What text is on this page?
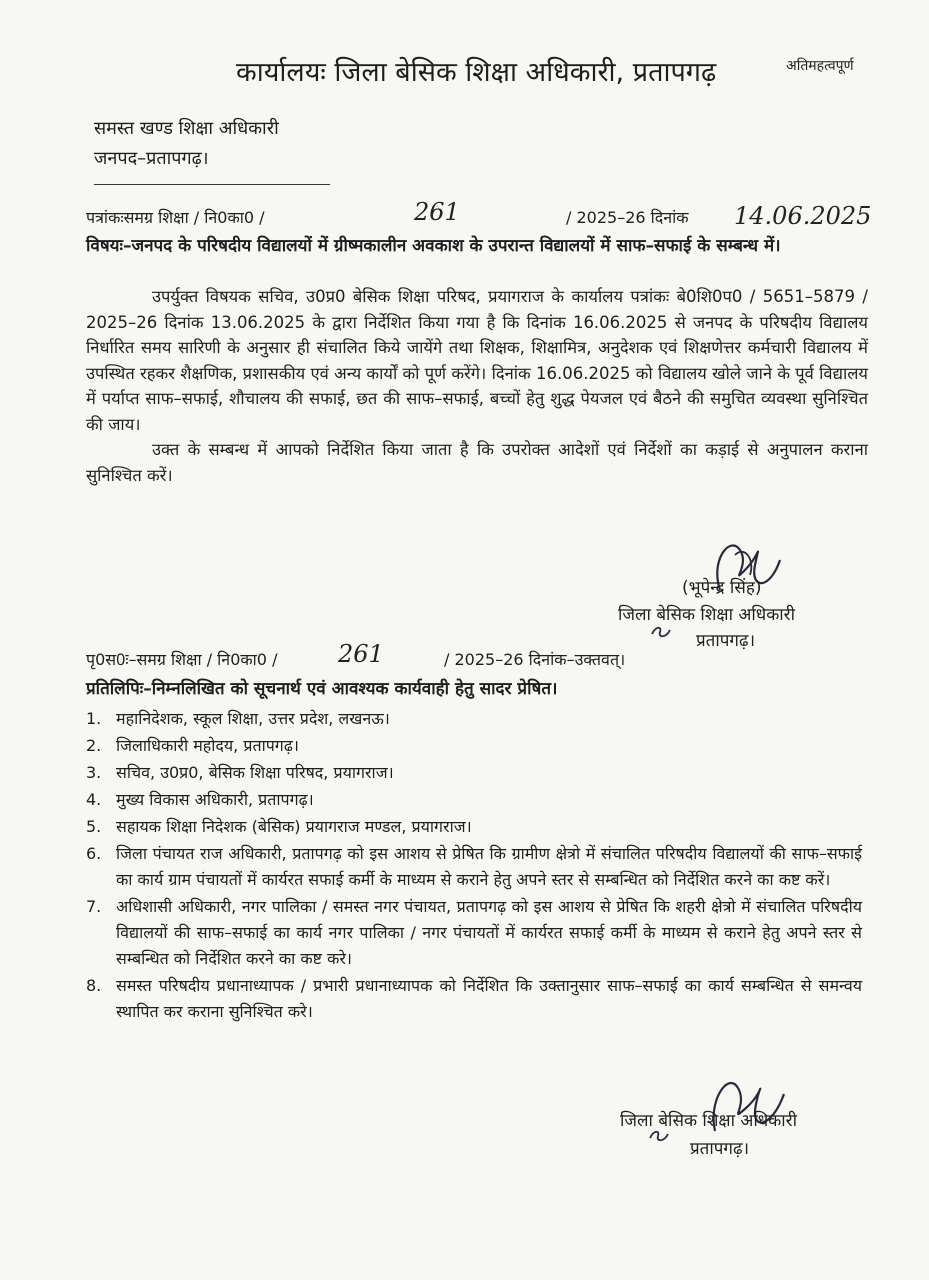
अतिमहत्वपूर्ण
कार्यालयः जिला बेसिक शिक्षा अधिकारी, प्रतापगढ़
समस्त खण्ड शिक्षा अधिकारी
जनपद–प्रतापगढ़।
पत्रांकःसमग्र शिक्षा / नि0का0 /	261	/ 2025–26 दिनांक 14.06.2025
विषयः–जनपद के परिषदीय विद्यालयों में ग्रीष्मकालीन अवकाश के उपरान्त विद्यालयों में साफ–सफाई के सम्बन्ध में।

उपर्युक्त विषयक सचिव, उ0प्र0 बेसिक शिक्षा परिषद, प्रयागराज के कार्यालय पत्रांकः बे0शि0प0 / 5651–5879 / 2025–26 दिनांक 13.06.2025 के द्वारा निर्देशित किया गया है कि दिनांक 16.06.2025 से जनपद के परिषदीय विद्यालय निर्धारित समय सारिणी के अनुसार ही संचालित किये जायेंगे तथा शिक्षक, शिक्षामित्र, अनुदेशक एवं शिक्षणेत्तर कर्मचारी विद्यालय में उपस्थित रहकर शैक्षणिक, प्रशासकीय एवं अन्य कार्यों को पूर्ण करेंगे। दिनांक 16.06.2025 को विद्यालय खोले जाने के पूर्व विद्यालय में पर्याप्त साफ–सफाई, शौचालय की सफाई, छत की साफ–सफाई, बच्चों हेतु शुद्ध पेयजल एवं बैठने की समुचित व्यवस्था सुनिश्चित की जाय।

उक्त के सम्बन्ध में आपको निर्देशित किया जाता है कि उपरोक्त आदेशों एवं निर्देशों का कड़ाई से अनुपालन कराना सुनिश्चित करें।

(भूपेन्द्र सिंह)
जिला बेसिक शिक्षा अधिकारी
प्रतापगढ़।
पृ0स0ः–समग्र शिक्षा / नि0का0 /	261	/ 2025–26 दिनांक–उक्तवत्।
प्रतिलिपिः–निम्नलिखित को सूचनार्थ एवं आवश्यक कार्यवाही हेतु सादर प्रेषित।
1. महानिदेशक, स्कूल शिक्षा, उत्तर प्रदेश, लखनऊ।
2. जिलाधिकारी महोदय, प्रतापगढ़।
3. सचिव, उ0प्र0, बेसिक शिक्षा परिषद, प्रयागराज।
4. मुख्य विकास अधिकारी, प्रतापगढ़।
5. सहायक शिक्षा निदेशक (बेसिक) प्रयागराज मण्डल, प्रयागराज।
6. जिला पंचायत राज अधिकारी, प्रतापगढ़ को इस आशय से प्रेषित कि ग्रामीण क्षेत्रो में संचालित परिषदीय विद्यालयों की साफ–सफाई का कार्य ग्राम पंचायतों में कार्यरत सफाई कर्मी के माध्यम से कराने हेतु अपने स्तर से सम्बन्धित को निर्देशित करने का कष्ट करें।
7. अधिशासी अधिकारी, नगर पालिका / समस्त नगर पंचायत, प्रतापगढ़ को इस आशय से प्रेषित कि शहरी क्षेत्रो में संचालित परिषदीय विद्यालयों की साफ–सफाई का कार्य नगर पालिका / नगर पंचायतों में कार्यरत सफाई कर्मी के माध्यम से कराने हेतु अपने स्तर से सम्बन्धित को निर्देशित करने का कष्ट करे।
8. समस्त परिषदीय प्रधानाध्यापक / प्रभारी प्रधानाध्यापक को निर्देशित कि उक्तानुसार साफ–सफाई का कार्य सम्बन्धित से समन्वय स्थापित कर कराना सुनिश्चित करे।
जिला बेसिक शिक्षा अधिकारी
प्रतापगढ़।
